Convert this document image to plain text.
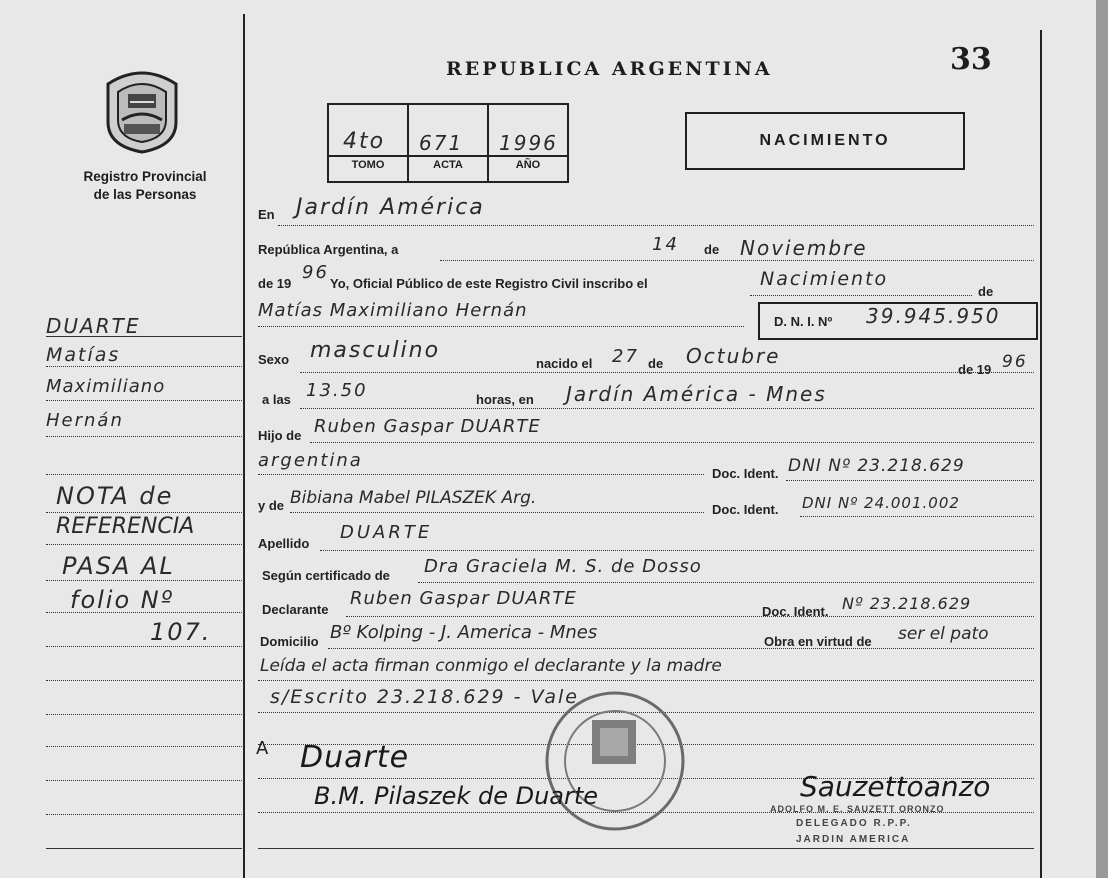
33
Registro Provincial
de las Personas
REPUBLICA ARGENTINA
4to
TOMO
671
ACTA
1996
AÑO
NACIMIENTO
DUARTE
Matías
Maximiliano
Hernán
NOTA de
REFERENCIA
PASA AL
folio Nº
107.
En Jardín América
República Argentina, a	14 de Noviembre
de 19
96
Yo, Oficial Público de este Registro Civil inscribo el	Nacimiento
de
Matías Maximiliano Hernán
D. N. I. Nº 39.945.950
Sexo masculino
nacido el 27 de Octubre
de 19 96
a las 13.50	horas, en Jardín América - Mnes
Hijo de Ruben Gaspar DUARTE
argentina
Doc. Ident. DNI Nº 23.218.629
y de Bibiana Mabel PILASZEK Arg.
Doc. Ident. DNI Nº 24.001.002
Apellido
DUARTE
Según certificado de Dra Graciela M. S. de Dosso
Declarante
Ruben Gaspar DUARTE
Doc. Ident. Nº 23.218.629
Domicilio Bº Kolping - J. America - Mnes	Obra en virtud de ser el pato
Leída el acta firman conmigo el declarante y la madre
s/Escrito 23.218.629 - Vale
A Duarte
B.M. Pilaszek de Duarte	Sauzettoanzo
ADOLFO M. E. SAUZETT ORONZO
DELEGADO R.P.P.
JARDIN AMERICA
